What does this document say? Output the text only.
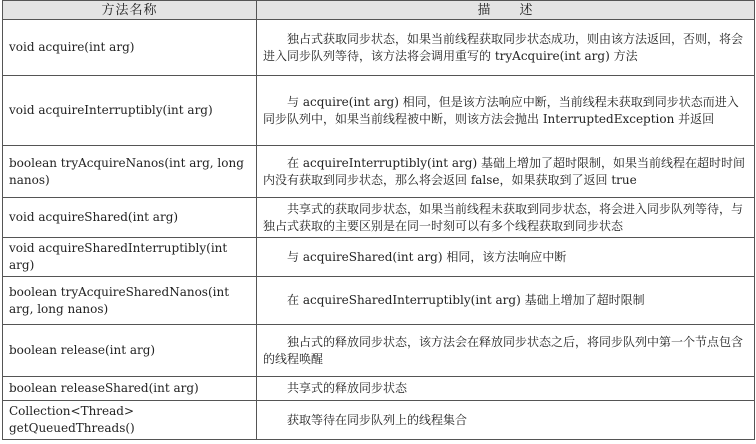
方法名称	描　　述
void acquire(int arg)	独占式获取同步状态，如果当前线程获取同步状态成功，则由该方法返回，否则，将会进入同步队列等待，该方法将会调用重写的 tryAcquire(int arg) 方法
void acquireInterruptibly(int arg)	与 acquire(int arg) 相同，但是该方法响应中断，当前线程未获取到同步状态而进入同步队列中，如果当前线程被中断，则该方法会抛出 InterruptedException 并返回
boolean tryAcquireNanos(int arg, long nanos)	在 acquireInterruptibly(int arg) 基础上增加了超时限制，如果当前线程在超时时间内没有获取到同步状态，那么将会返回 false，如果获取到了返回 true
void acquireShared(int arg)	共享式的获取同步状态，如果当前线程未获取到同步状态，将会进入同步队列等待，与独占式获取的主要区别是在同一时刻可以有多个线程获取到同步状态
void acquireSharedInterruptibly(int arg)	与 acquireShared(int arg) 相同，该方法响应中断
boolean tryAcquireSharedNanos(int arg, long nanos)	在 acquireSharedInterruptibly(int arg) 基础上增加了超时限制
boolean release(int arg)	独占式的释放同步状态，该方法会在释放同步状态之后，将同步队列中第一个节点包含的线程唤醒
boolean releaseShared(int arg)	共享式的释放同步状态
Collection<Thread> getQueuedThreads()	获取等待在同步队列上的线程集合
